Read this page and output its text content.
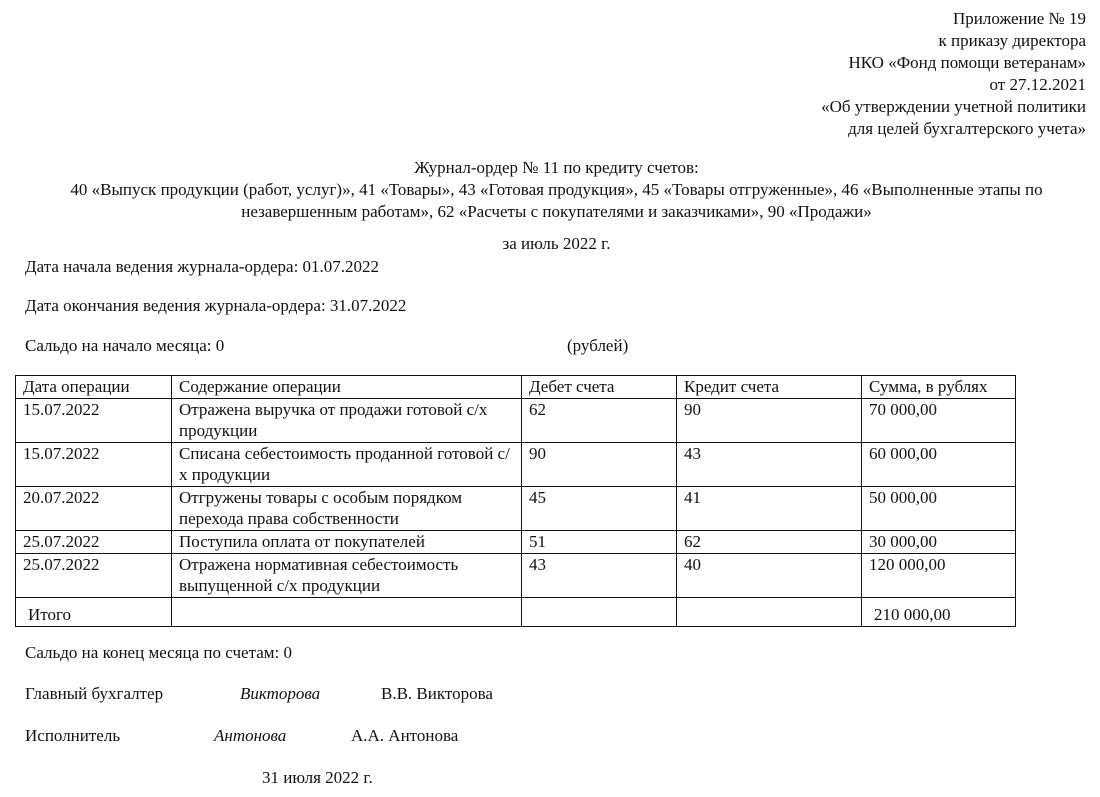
Приложение № 19
к приказу директора
НКО «Фонд помощи ветеранам»
от 27.12.2021
«Об утверждении учетной политики
для целей бухгалтерского учета»
Журнал-ордер № 11 по кредиту счетов:
40 «Выпуск продукции (работ, услуг)», 41 «Товары», 43 «Готовая продукция», 45 «Товары отгруженные», 46 «Выполненные этапы по
незавершенным работам», 62 «Расчеты с покупателями и заказчиками», 90 «Продажи»
за июль 2022 г.
Дата начала ведения журнала-ордера: 01.07.2022
Дата окончания ведения журнала-ордера: 31.07.2022
Сальдо на начало месяца: 0	(рублей)
Дата операции	Содержание операции	Дебет счета	Кредит счета	Сумма, в рублях
15.07.2022	Отражена выручка от продажи готовой с/х продукции	62	90	70 000,00
15.07.2022	Списана себестоимость проданной готовой с/х продукции	90	43	60 000,00
20.07.2022	Отгружены товары с особым порядком перехода права собственности	45	41	50 000,00
25.07.2022	Поступила оплата от покупателей	51	62	30 000,00
25.07.2022	Отражена нормативная себестоимость выпущенной с/х продукции	43	40	120 000,00
Итого				210 000,00
Сальдо на конец месяца по счетам: 0
Главный бухгалтер	Викторова	В.В. Викторова
Исполнитель	Антонова	А.А. Антонова
31 июля 2022 г.
